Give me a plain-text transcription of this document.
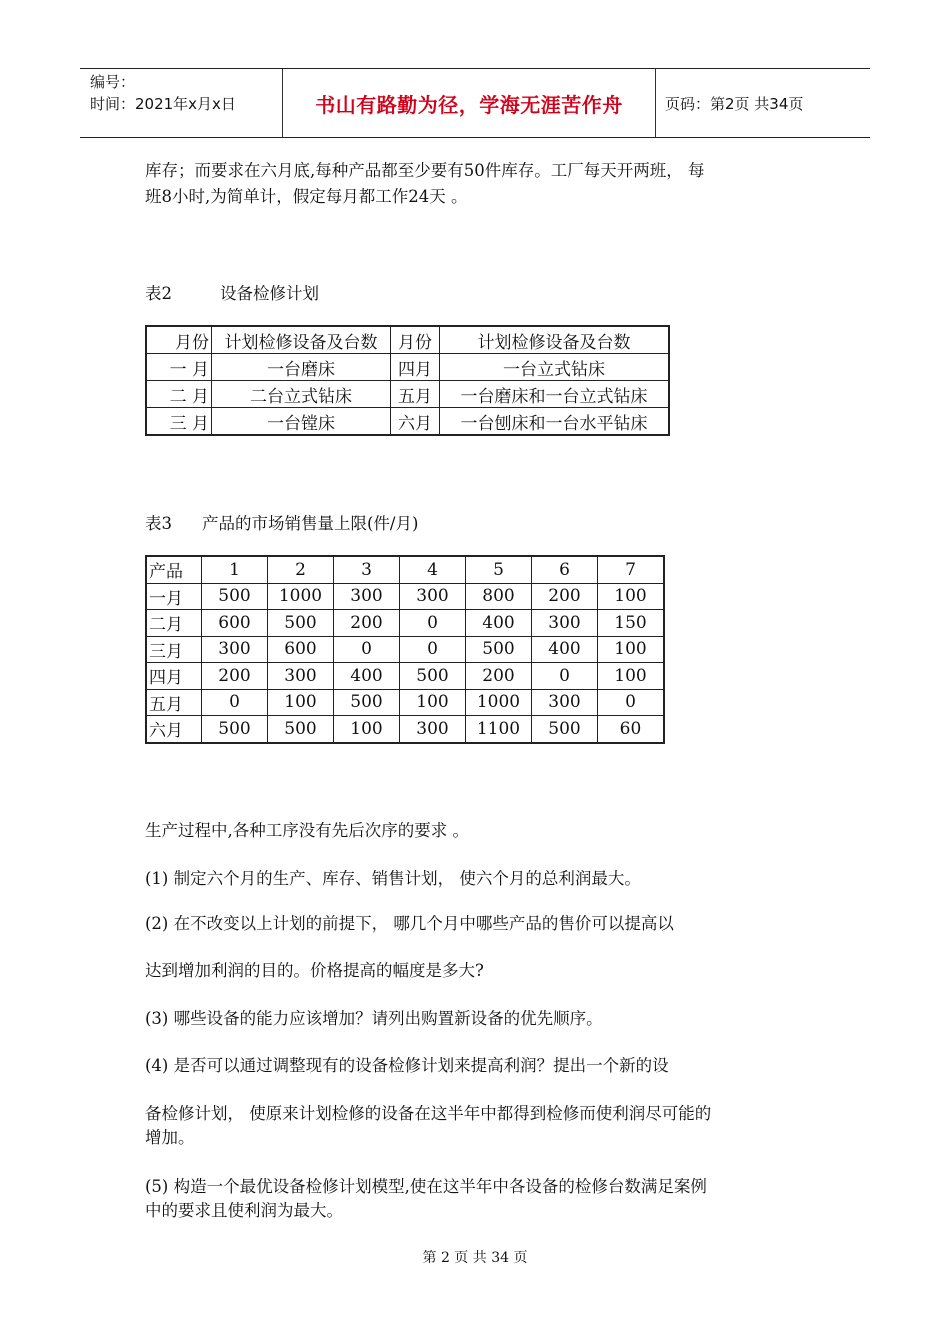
编号：
时间：2021年x月x日	书山有路勤为径，学海无涯苦作舟	页码：第2页 共34页
库存；而要求在六月底,每种产品都至少要有50件库存。工厂每天开两班， 每
班8小时,为简单计，假定每月都工作24天 。
表2	设备检修计划
月份	计划检修设备及台数	月份	计划检修设备及台数
一 月	一台磨床	四月	一台立式钻床
二 月	二台立式钻床	五月	一台磨床和一台立式钻床
三 月	一台镗床	六月	一台刨床和一台水平钻床
表3 产品的市场销售量上限(件/月)
产品	1	2	3	4	5	6	7
一月	500	1000	300	300	800	200	100
二月	600	500	200	0	400	300	150
三月	300	600	0	0	500	400	100
四月	200	300	400	500	200	0	100
五月	0	100	500	100	1000	300	0
六月	500	500	100	300	1100	500	60
生产过程中,各种工序没有先后次序的要求 。
(1) 制定六个月的生产、库存、销售计划， 使六个月的总利润最大。
(2) 在不改变以上计划的前提下， 哪几个月中哪些产品的售价可以提高以
达到增加利润的目的。价格提高的幅度是多大?
(3) 哪些设备的能力应该增加？请列出购置新设备的优先顺序。
(4) 是否可以通过调整现有的设备检修计划来提高利润？提出一个新的设
备检修计划， 使原来计划检修的设备在这半年中都得到检修而使利润尽可能的
增加。
(5) 构造一个最优设备检修计划模型,使在这半年中各设备的检修台数满足案例
中的要求且使利润为最大。
第 2 页 共 34 页
